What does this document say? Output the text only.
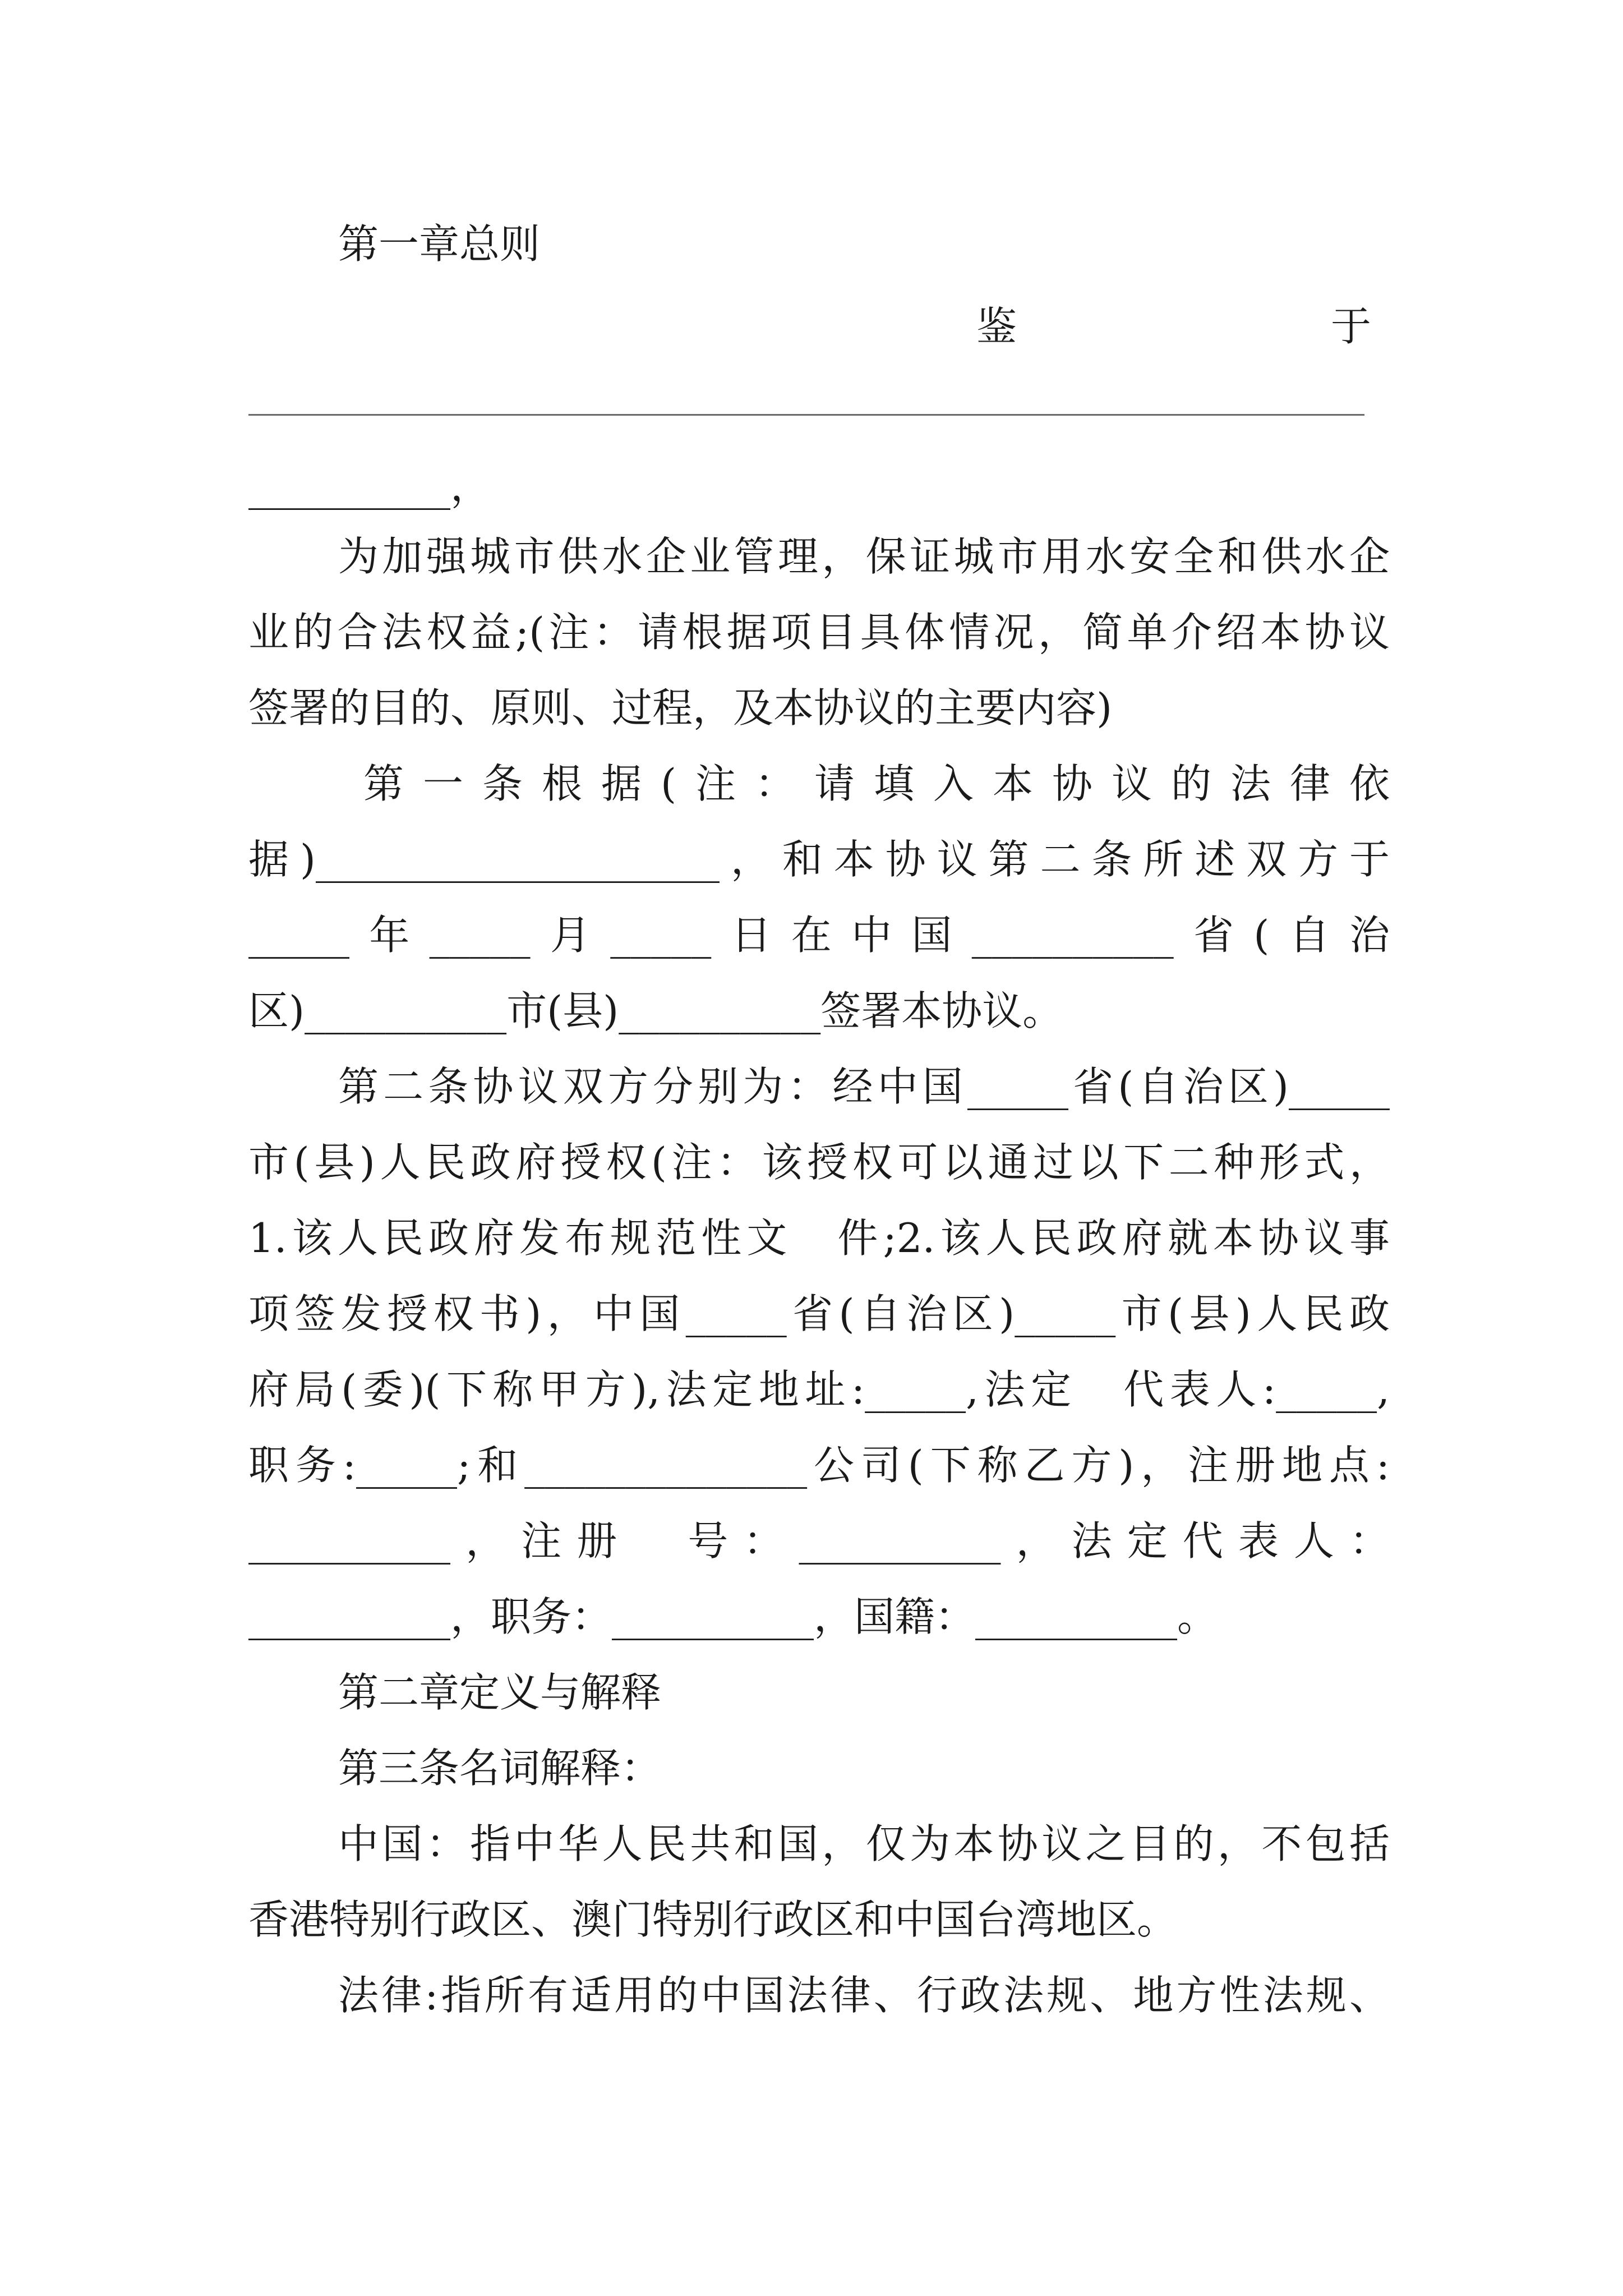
第一章总则
鉴	于
__________，
为加强城市供水企业管理，保证城市用水安全和供水企
业的合法权益;(注：请根据项目具体情况，简单介绍本协议
签署的目的、原则、过程，及本协议的主要内容)
第一条根据(注：请填入本协议的法律依
据)____________________，和本协议第二条所述双方于
_____年_____月_____日在中国__________省(自治
区)__________市(县)__________签署本协议。
第二条协议双方分别为：经中国_____省(自治区)_____
市(县)人民政府授权(注：该授权可以通过以下二种形式，
1.该人民政府发布规范性文　件;2.该人民政府就本协议事
项签发授权书)，中国_____省(自治区)_____市(县)人民政
府局(委)(下称甲方),法定地址:_____,法定　代表人:_____,
职务:_____;和______________公司(下称乙方)，注册地点:
__________，注册　号：__________，法定代表人：
__________，职务：__________，国籍：__________。
第二章定义与解释
第三条名词解释：
中国：指中华人民共和国，仅为本协议之目的，不包括
香港特别行政区、澳门特别行政区和中国台湾地区。
法律:指所有适用的中国法律、行政法规、地方性法规、
